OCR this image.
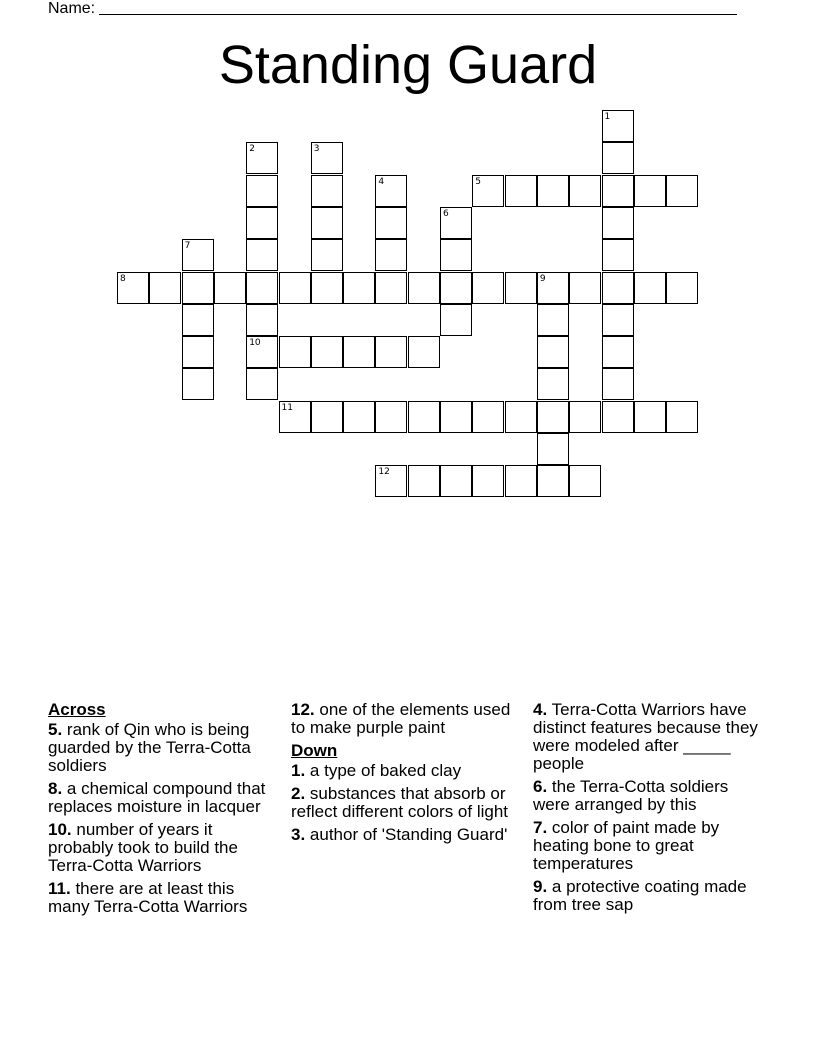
Name:
Standing Guard
1
2
10
3
4	5
6
7
8	9
11
12
Across
5. rank of Qin who is being guarded by the Terra-Cotta soldiers
8. a chemical compound that replaces moisture in lacquer
10. number of years it probably took to build the Terra-Cotta Warriors
11. there are at least this many Terra-Cotta Warriors
12. one of the elements used to make purple paint
Down
1. a type of baked clay
2. substances that absorb or reflect different colors of light
3. author of 'Standing Guard'
4. Terra-Cotta Warriors have distinct features because they were modeled after _____ people
6. the Terra-Cotta soldiers were arranged by this
7. color of paint made by heating bone to great temperatures
9. a protective coating made from tree sap
